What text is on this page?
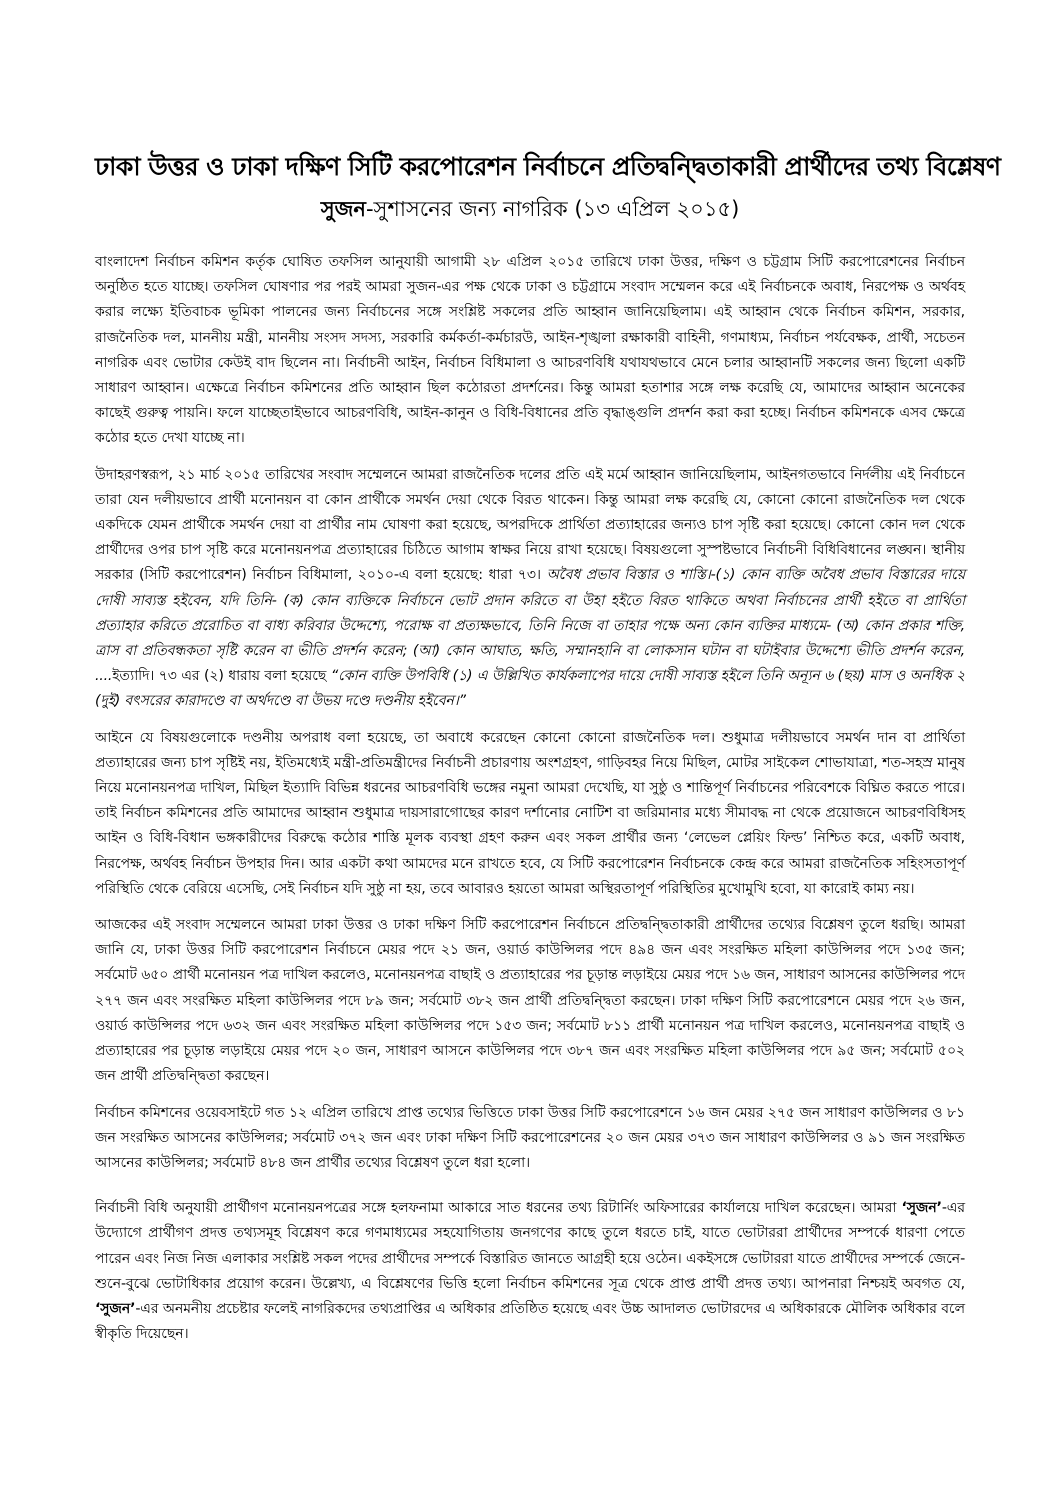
ঢাকা উত্তর ও ঢাকা দক্ষিণ সিটি করপোরেশন নির্বাচনে প্রতিদ্বন্দ্বিতাকারী প্রার্থীদের তথ্য বিশ্লেষণ
সুজন-সুশাসনের জন্য নাগরিক (১৩ এপ্রিল ২০১৫)

বাংলাদেশ নির্বাচন কমিশন কর্তৃক ঘোষিত তফসিল আনুযায়ী আগামী ২৮ এপ্রিল ২০১৫ তারিখে ঢাকা উত্তর, দক্ষিণ ও চট্টগ্রাম সিটি করপোরেশনের নির্বাচন অনুষ্ঠিত হতে যাচ্ছে। তফসিল ঘোষণার পর পরই আমরা সুজন-এর পক্ষ থেকে ঢাকা ও চট্টগ্রামে সংবাদ সম্মেলন করে এই নির্বাচনকে অবাধ, নিরপেক্ষ ও অর্থবহ করার লক্ষ্যে ইতিবাচক ভূমিকা পালনের জন্য নির্বাচনের সঙ্গে সংশ্লিষ্ট সকলের প্রতি আহ্বান জানিয়েছিলাম। এই আহ্বান থেকে নির্বাচন কমিশন, সরকার, রাজনৈতিক দল, মাননীয় মন্ত্রী, মাননীয় সংসদ সদস্য, সরকারি কর্মকর্তা-কর্মচারউ, আইন-শৃঙ্খলা রক্ষাকারী বাহিনী, গণমাধ্যম, নির্বাচন পর্যবেক্ষক, প্রার্থী, সচেতন নাগরিক এবং ভোটার কেউই বাদ ছিলেন না। নির্বাচনী আইন, নির্বাচন বিধিমালা ও আচরণবিধি যথাযথভাবে মেনে চলার আহ্বানটি সকলের জন্য ছিলো একটি সাধারণ আহ্বান। এক্ষেত্রে নির্বাচন কমিশনের প্রতি আহ্বান ছিল কঠোরতা প্রদর্শনের। কিন্তু আমরা হতাশার সঙ্গে লক্ষ করেছি যে, আমাদের আহ্বান অনেকের কাছেই গুরুত্ব পায়নি। ফলে যাচ্ছেতাইভাবে আচরণবিধি, আইন-কানুন ও বিধি-বিধানের প্রতি বৃদ্ধাঙ্গুলি প্রদর্শন করা করা হচ্ছে। নির্বাচন কমিশনকে এসব ক্ষেত্রে কঠোর হতে দেখা যাচ্ছে না।

উদাহরণস্বরূপ, ২১ মার্চ ২০১৫ তারিখের সংবাদ সম্মেলনে আমরা রাজনৈতিক দলের প্রতি এই মর্মে আহ্বান জানিয়েছিলাম, আইনগতভাবে নির্দলীয় এই নির্বাচনে তারা যেন দলীয়ভাবে প্রার্থী মনোনয়ন বা কোন প্রার্থীকে সমর্থন দেয়া থেকে বিরত থাকেন। কিন্তু আমরা লক্ষ করেছি যে, কোনো কোনো রাজনৈতিক দল থেকে একদিকে যেমন প্রার্থীকে সমর্থন দেয়া বা প্রার্থীর নাম ঘোষণা করা হয়েছে, অপরদিকে প্রার্থিতা প্রত্যাহারের জন্যও চাপ সৃষ্টি করা হয়েছে। কোনো কোন দল থেকে প্রার্থীদের ওপর চাপ সৃষ্টি করে মনোনয়নপত্র প্রত্যাহারের চিঠিতে আগাম স্বাক্ষর নিয়ে রাখা হয়েছে। বিষয়গুলো সুস্পষ্টভাবে নির্বাচনী বিধিবিধানের লঙ্ঘন। স্থানীয় সরকার (সিটি করপোরেশন) নির্বাচন বিধিমালা, ২০১০-এ বলা হয়েছে: ধারা ৭৩। অবৈধ প্রভাব বিস্তার ও শাস্তি।-(১) কোন ব্যক্তি অবৈধ প্রভাব বিস্তারের দায়ে দোষী সাব্যস্ত হইবেন, যদি তিনি- (ক) কোন ব্যক্তিকে নির্বাচনে ভোট প্রদান করিতে বা উহা হইতে বিরত থাকিতে অথবা নির্বাচনের প্রার্থী হইতে বা প্রার্থিতা প্রত্যাহার করিতে প্ররোচিত বা বাধ্য করিবার উদ্দেশ্যে, পরোক্ষ বা প্রত্যক্ষভাবে, তিনি নিজে বা তাহার পক্ষে অন্য কোন ব্যক্তির মাধ্যমে- (অ) কোন প্রকার শক্তি, ত্রাস বা প্রতিবন্ধকতা সৃষ্টি করেন বা ভীতি প্রদর্শন করেন; (আ) কোন আঘাত, ক্ষতি, সম্মানহানি বা লোকসান ঘটান বা ঘটাইবার উদ্দেশ্যে ভীতি প্রদর্শন করেন, ....ইত্যাদি। ৭৩ এর (২) ধারায় বলা হয়েছে “কোন ব্যক্তি উপবিধি (১) এ উল্লিখিত কার্যকলাপের দায়ে দোষী সাব্যস্ত হইলে তিনি অন্যূন ৬ (ছয়) মাস ও অনধিক ২ (দুই) বৎসরের কারাদণ্ডে বা অর্থদণ্ডে বা উভয় দণ্ডে দণ্ডনীয় হইবেন।”

আইনে যে বিষয়গুলোকে দণ্ডনীয় অপরাধ বলা হয়েছে, তা অবাধে করেছেন কোনো কোনো রাজনৈতিক দল। শুধুমাত্র দলীয়ভাবে সমর্থন দান বা প্রার্থিতা প্রত্যাহারের জন্য চাপ সৃষ্টিই নয়, ইতিমধ্যেই মন্ত্রী-প্রতিমন্ত্রীদের নির্বাচনী প্রচারণায় অংশগ্রহণ, গাড়িবহর নিয়ে মিছিল, মোটর সাইকেল শোভাযাত্রা, শত-সহস্র মানুষ নিয়ে মনোনয়নপত্র দাখিল, মিছিল ইত্যাদি বিভিন্ন ধরনের আচরণবিধি ভঙ্গের নমুনা আমরা দেখেছি, যা সুষ্ঠু ও শান্তিপূর্ণ নির্বাচনের পরিবেশকে বিঘ্নিত করতে পারে। তাই নির্বাচন কমিশনের প্রতি আমাদের আহ্বান শুধুমাত্র দায়সারাগোছের কারণ দর্শানোর নোটিশ বা জরিমানার মধ্যে সীমাবদ্ধ না থেকে প্রয়োজনে আচরণবিধিসহ আইন ও বিধি-বিধান ভঙ্গকারীদের বিরুদ্ধে কঠোর শাস্তি মূলক ব্যবস্থা গ্রহণ করুন এবং সকল প্রার্থীর জন্য ‘লেভেল প্লেয়িং ফিল্ড’ নিশ্চিত করে, একটি অবাধ, নিরপেক্ষ, অর্থবহ নির্বাচন উপহার দিন। আর একটা কথা আমদের মনে রাখতে হবে, যে সিটি করপোরেশন নির্বাচনকে কেন্দ্র করে আমরা রাজনৈতিক সহিংসতাপূর্ণ পরিস্থিতি থেকে বেরিয়ে এসেছি, সেই নির্বাচন যদি সুষ্ঠু না হয়, তবে আবারও হয়তো আমরা অস্থিরতাপূর্ণ পরিস্থিতির মুখোমুখি হবো, যা কারোই কাম্য নয়।

আজকের এই সংবাদ সম্মেলনে আমরা ঢাকা উত্তর ও ঢাকা দক্ষিণ সিটি করপোরেশন নির্বাচনে প্রতিদ্বন্দ্বিতাকারী প্রার্থীদের তথ্যের বিশ্লেষণ তুলে ধরছি। আমরা জানি যে, ঢাকা উত্তর সিটি করপোরেশন নির্বাচনে মেয়র পদে ২১ জন, ওয়ার্ড কাউন্সিলর পদে ৪৯৪ জন এবং সংরক্ষিত মহিলা কাউন্সিলর পদে ১৩৫ জন; সর্বমোট ৬৫০ প্রার্থী মনোনয়ন পত্র দাখিল করলেও, মনোনয়নপত্র বাছাই ও প্রত্যাহারের পর চূড়ান্ত লড়াইয়ে মেয়র পদে ১৬ জন, সাধারণ আসনের কাউন্সিলর পদে ২৭৭ জন এবং সংরক্ষিত মহিলা কাউন্সিলর পদে ৮৯ জন; সর্বমোট ৩৮২ জন প্রার্থী প্রতিদ্বন্দ্বিতা করছেন। ঢাকা দক্ষিণ সিটি করপোরেশনে মেয়র পদে ২৬ জন, ওয়ার্ড কাউন্সিলর পদে ৬৩২ জন এবং সংরক্ষিত মহিলা কাউন্সিলর পদে ১৫৩ জন; সর্বমোট ৮১১ প্রার্থী মনোনয়ন পত্র দাখিল করলেও, মনোনয়নপত্র বাছাই ও প্রত্যাহারের পর চূড়ান্ত লড়াইয়ে মেয়র পদে ২০ জন, সাধারণ আসনে কাউন্সিলর পদে ৩৮৭ জন এবং সংরক্ষিত মহিলা কাউন্সিলর পদে ৯৫ জন; সর্বমোট ৫০২ জন প্রার্থী প্রতিদ্বন্দ্বিতা করছেন।

নির্বাচন কমিশনের ওয়েবসাইটে গত ১২ এপ্রিল তারিখে প্রাপ্ত তথ্যের ভিত্তিতে ঢাকা উত্তর সিটি করপোরেশনে ১৬ জন মেয়র ২৭৫ জন সাধারণ কাউন্সিলর ও ৮১ জন সংরক্ষিত আসনের কাউন্সিলর; সর্বমোট ৩৭২ জন এবং ঢাকা দক্ষিণ সিটি করপোরেশনের ২০ জন মেয়র ৩৭৩ জন সাধারণ কাউন্সিলর ও ৯১ জন সংরক্ষিত আসনের কাউন্সিলর; সর্বমোট ৪৮৪ জন প্রার্থীর তথ্যের বিশ্লেষণ তুলে ধরা হলো।

নির্বাচনী বিধি অনুযায়ী প্রার্থীগণ মনোনয়নপত্রের সঙ্গে হলফনামা আকারে সাত ধরনের তথ্য রিটার্নিং অফিসারের কার্যালয়ে দাখিল করেছেন। আমরা ‘সুজন’-এর উদ্যোগে প্রার্থীগণ প্রদত্ত তথ্যসমূহ বিশ্লেষণ করে গণমাধ্যমের সহযোগিতায় জনগণের কাছে তুলে ধরতে চাই, যাতে ভোটাররা প্রার্থীদের সম্পর্কে ধারণা পেতে পারেন এবং নিজ নিজ এলাকার সংশ্লিষ্ট সকল পদের প্রার্থীদের সম্পর্কে বিস্তারিত জানতে আগ্রহী হয়ে ওঠেন। একইসঙ্গে ভোটাররা যাতে প্রার্থীদের সম্পর্কে জেনে-শুনে-বুঝে ভোটাধিকার প্রয়োগ করেন। উল্লেখ্য, এ বিশ্লেষণের ভিত্তি হলো নির্বাচন কমিশনের সূত্র থেকে প্রাপ্ত প্রার্থী প্রদত্ত তথ্য। আপনারা নিশ্চয়ই অবগত যে, ‘সুজন’-এর অনমনীয় প্রচেষ্টার ফলেই নাগরিকদের তথ্যপ্রাপ্তির এ অধিকার প্রতিষ্ঠিত হয়েছে এবং উচ্চ আদালত ভোটারদের এ অধিকারকে মৌলিক অধিকার বলে স্বীকৃতি দিয়েছেন।
